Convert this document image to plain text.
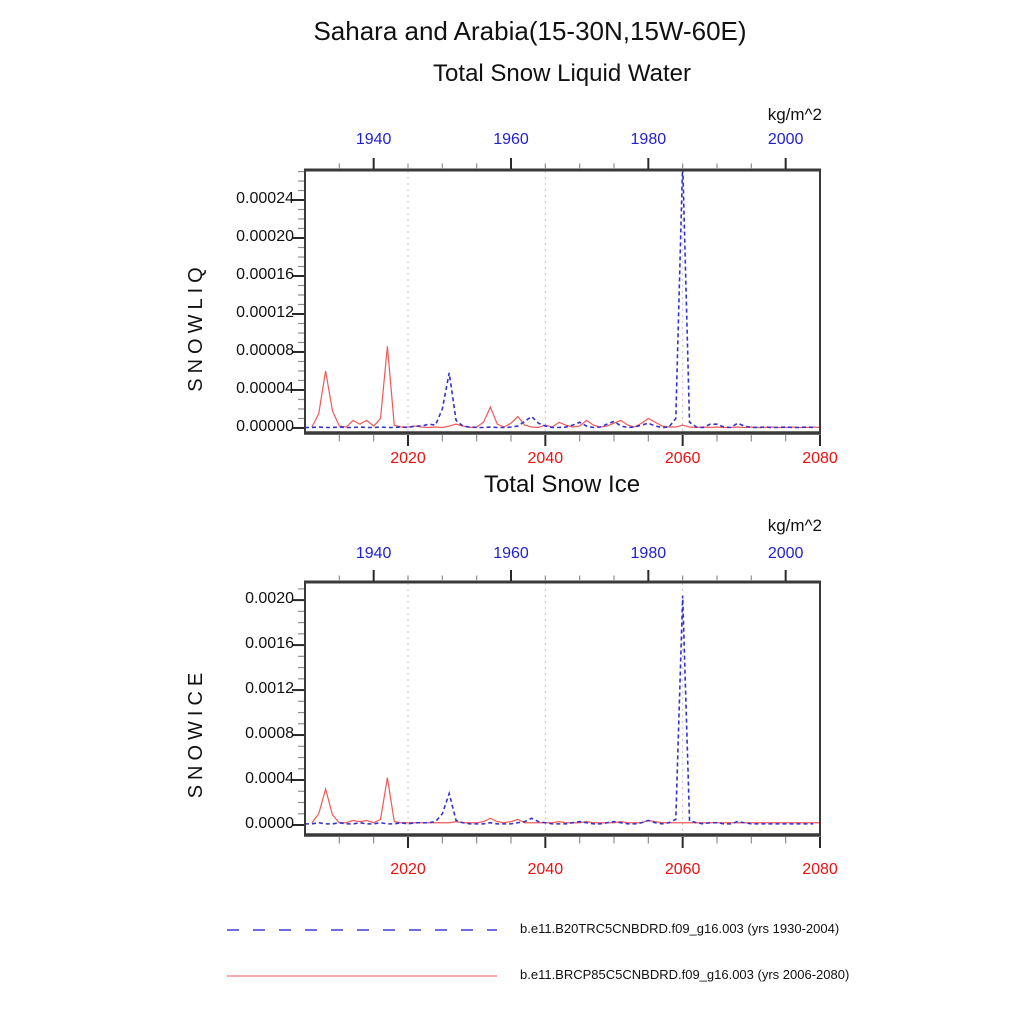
Sahara and Arabia(15-30N,15W-60E)
Total Snow Liquid Water
Total Snow Ice
kg/m^2
kg/m^2
SNOWLIQ
SNOWICE
1940	1960	1980	2000
2020	2040	2060	2080
0.00000
0.00004
0.00008
0.00012
0.00016
0.00020
0.00024
1940	1960	1980	2000
2020	2040	2060	2080
0.0000
0.0004
0.0008
0.0012
0.0016
0.0020
b.e11.B20TRC5CNBDRD.f09_g16.003 (yrs 1930-2004)
b.e11.BRCP85C5CNBDRD.f09_g16.003 (yrs 2006-2080)
